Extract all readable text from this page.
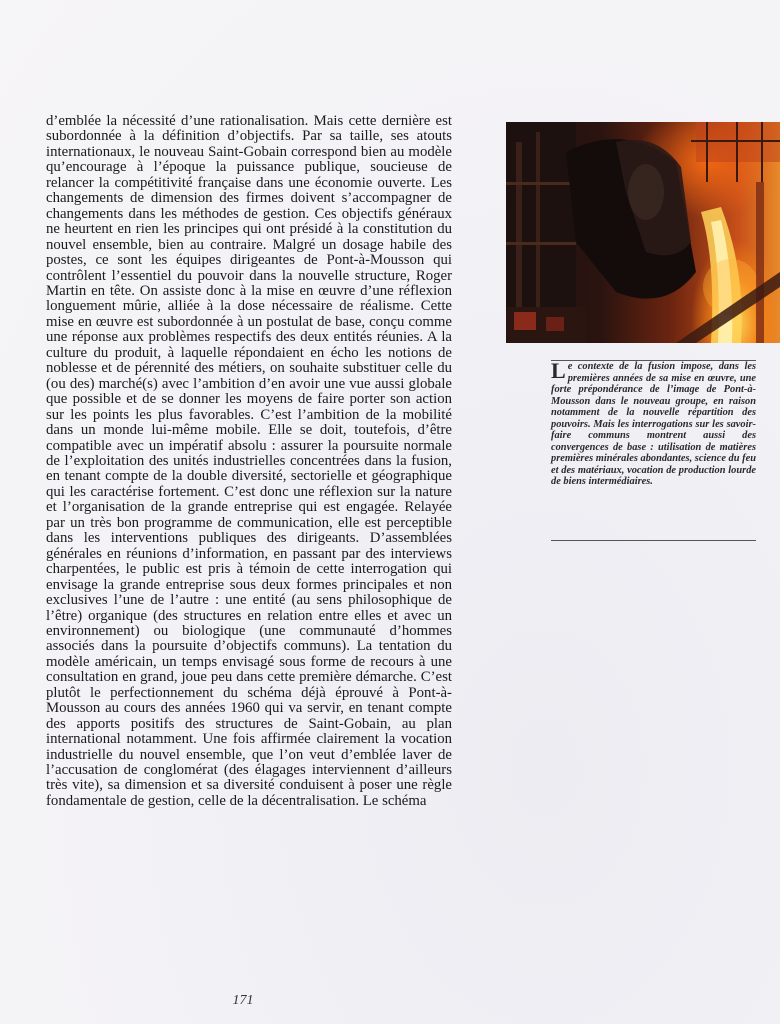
d’emblée la nécessité d’une rationalisation. Mais cette dernière est subordonnée à la définition d’objectifs. Par sa taille, ses atouts internationaux, le nouveau Saint-Gobain correspond bien au modèle qu’encourage à l’époque la puissance publique, soucieuse de relancer la compétitivité française dans une économie ouverte. Les changements de dimension des firmes doivent s’accompagner de changements dans les méthodes de gestion. Ces objectifs généraux ne heurtent en rien les principes qui ont présidé à la constitution du nouvel ensemble, bien au contraire. Malgré un dosage habile des postes, ce sont les équipes dirigeantes de Pont-à-Mousson qui contrôlent l’essentiel du pouvoir dans la nouvelle structure, Roger Martin en tête. On assiste donc à la mise en œuvre d’une réflexion longuement mûrie, alliée à la dose nécessaire de réalisme. Cette mise en œuvre est subordonnée à un postulat de base, conçu comme une réponse aux problèmes respectifs des deux entités réunies. A la culture du produit, à laquelle répondaient en écho les notions de noblesse et de pérennité des métiers, on souhaite substituer celle du (ou des) marché(s) avec l’ambition d’en avoir une vue aussi globale que possible et de se donner les moyens de faire porter son action sur les points les plus favorables. C’est l’ambition de la mobilité dans un monde lui-même mobile. Elle se doit, toutefois, d’être compatible avec un impératif absolu : assurer la poursuite normale de l’exploitation des unités industrielles concentrées dans la fusion, en tenant compte de la double diversité, sectorielle et géographique qui les caractérise fortement. C’est donc une réflexion sur la nature et l’organisation de la grande entreprise qui est engagée. Relayée par un très bon programme de communication, elle est perceptible dans les interventions publiques des dirigeants. D’assemblées générales en réunions d’information, en passant par des interviews charpentées, le public est pris à témoin de cette interrogation qui envisage la grande entreprise sous deux formes principales et non exclusives l’une de l’autre : une entité (au sens philosophique de l’être) organique (des structures en relation entre elles et avec un environnement) ou biologique (une communauté d’hommes associés dans la poursuite d’objectifs communs). La tentation du modèle américain, un temps envisagé sous forme de recours à une consultation en grand, joue peu dans cette première démarche. C’est plutôt le perfectionnement du schéma déjà éprouvé à Pont-à-Mousson au cours des années 1960 qui va servir, en tenant compte des apports positifs des structures de Saint-Gobain, au plan international notamment. Une fois affirmée clairement la vocation industrielle du nouvel ensemble, que l’on veut d’emblée laver de l’accusation de conglomérat (des élagages interviennent d’ailleurs très vite), sa dimension et sa diversité conduisent à poser une règle fondamentale de gestion, celle de la décentralisation. Le schéma

Le contexte de la fusion impose, dans les premières années de sa mise en œuvre, une forte prépondérance de l’image de Pont-à-Mousson dans le nouveau groupe, en raison notamment de la nouvelle répartition des pouvoirs. Mais les interrogations sur les savoir-faire communs montrent aussi des convergences de base : utilisation de matières premières minérales abondantes, science du feu et des matériaux, vocation de production lourde de biens intermédiaires.
171
